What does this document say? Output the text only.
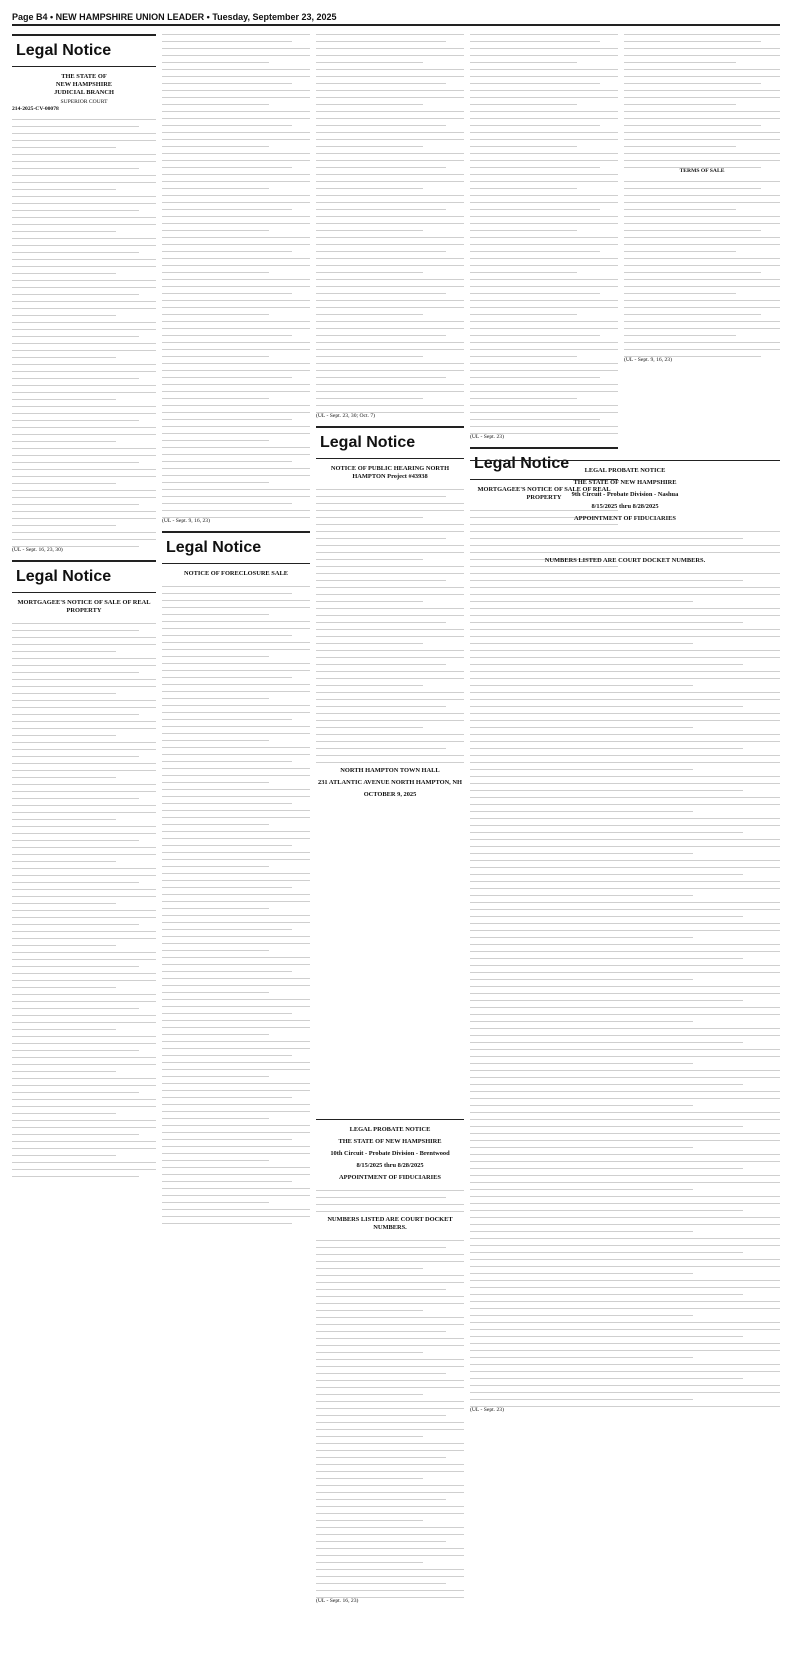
Page B4 • NEW HAMPSHIRE UNION LEADER • Tuesday, September 23, 2025
Legal Notice
THE STATE OF
NEW HAMPSHIRE
JUDICIAL BRANCH
SUPERIOR COURT
214-2025-CV-00078
(UL - Sept. 16, 23, 30)
Legal Notice
MORTGAGEE'S NOTICE OF SALE OF REAL PROPERTY
(UL - Sept. 9, 16, 23)
Legal Notice
NOTICE OF FORECLOSURE SALE
(UL - Sept. 23, 30; Oct. 7)
Legal Notice
NOTICE OF PUBLIC HEARING NORTH HAMPTON Project #43938
NORTH HAMPTON TOWN HALL
231 ATLANTIC AVENUE NORTH HAMPTON, NH
OCTOBER 9, 2025
(UL - Sept. 23)
Legal Notice
MORTGAGEE'S NOTICE OF SALE OF REAL PROPERTY
TERMS OF SALE
(UL - Sept. 9, 16, 23)
LEGAL PROBATE NOTICE
THE STATE OF NEW HAMPSHIRE
9th Circuit - Probate Division - Nashua
8/15/2025 thru 8/28/2025
APPOINTMENT OF FIDUCIARIES
NUMBERS LISTED ARE COURT DOCKET NUMBERS.
(UL - Sept. 23)
LEGAL PROBATE NOTICE
THE STATE OF NEW HAMPSHIRE
10th Circuit - Probate Division - Brentwood
8/15/2025 thru 8/28/2025
APPOINTMENT OF FIDUCIARIES
NUMBERS LISTED ARE COURT DOCKET NUMBERS.
(UL - Sept. 16, 23)
